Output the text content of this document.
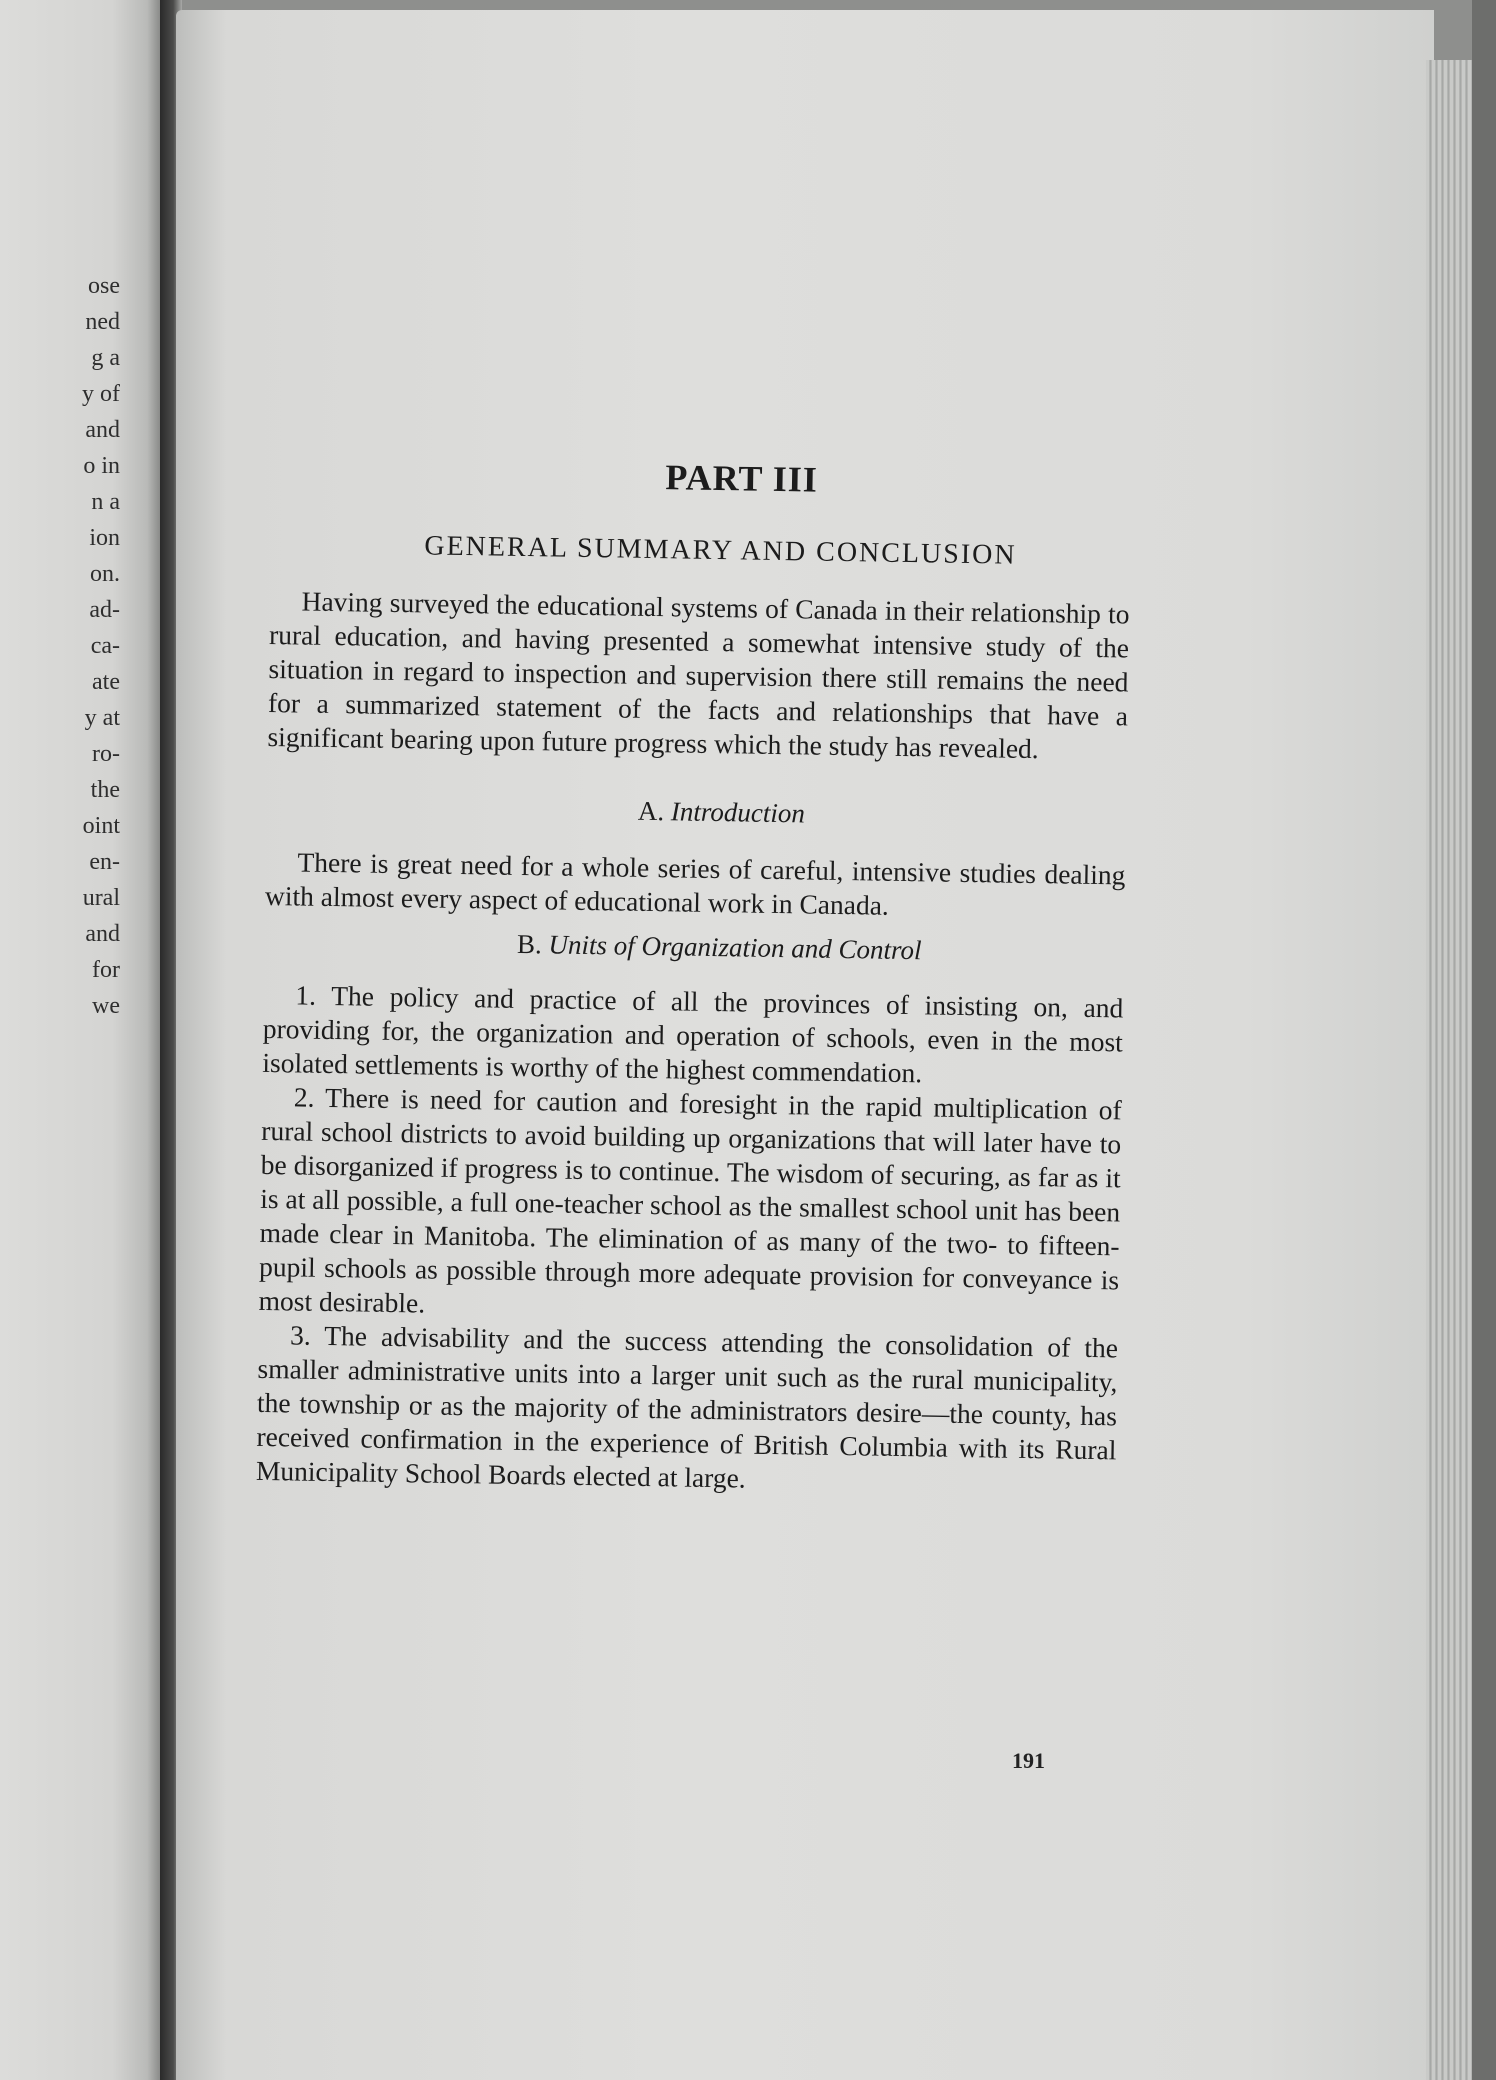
ose
ned
g a
y of
and
o in
n a
ion
on.
ad-
ca-
ate
y at
ro-
the
oint
en-
ural
and
for
we
PART III
GENERAL SUMMARY AND CONCLUSION

Having surveyed the educational systems of Canada in their relationship to rural education, and having presented a somewhat intensive study of the situation in regard to inspection and supervision there still remains the need for a summarized statement of the facts and relationships that have a significant bearing upon future progress which the study has revealed.

A. Introduction

There is great need for a whole series of careful, intensive studies dealing with almost every aspect of educational work in Canada.

B. Units of Organization and Control

1. The policy and practice of all the provinces of insisting on, and providing for, the organization and operation of schools, even in the most isolated settlements is worthy of the highest commendation.

2. There is need for caution and foresight in the rapid multiplication of rural school districts to avoid building up organizations that will later have to be disorganized if progress is to continue. The wisdom of securing, as far as it is at all possible, a full one-teacher school as the smallest school unit has been made clear in Manitoba. The elimination of as many of the two- to fifteen-pupil schools as possible through more adequate provision for conveyance is most desirable.

3. The advisability and the success attending the consolidation of the smaller administrative units into a larger unit such as the rural municipality, the township or as the majority of the administrators desire—the county, has received confirmation in the experience of British Columbia with its Rural Municipality School Boards elected at large.

191
